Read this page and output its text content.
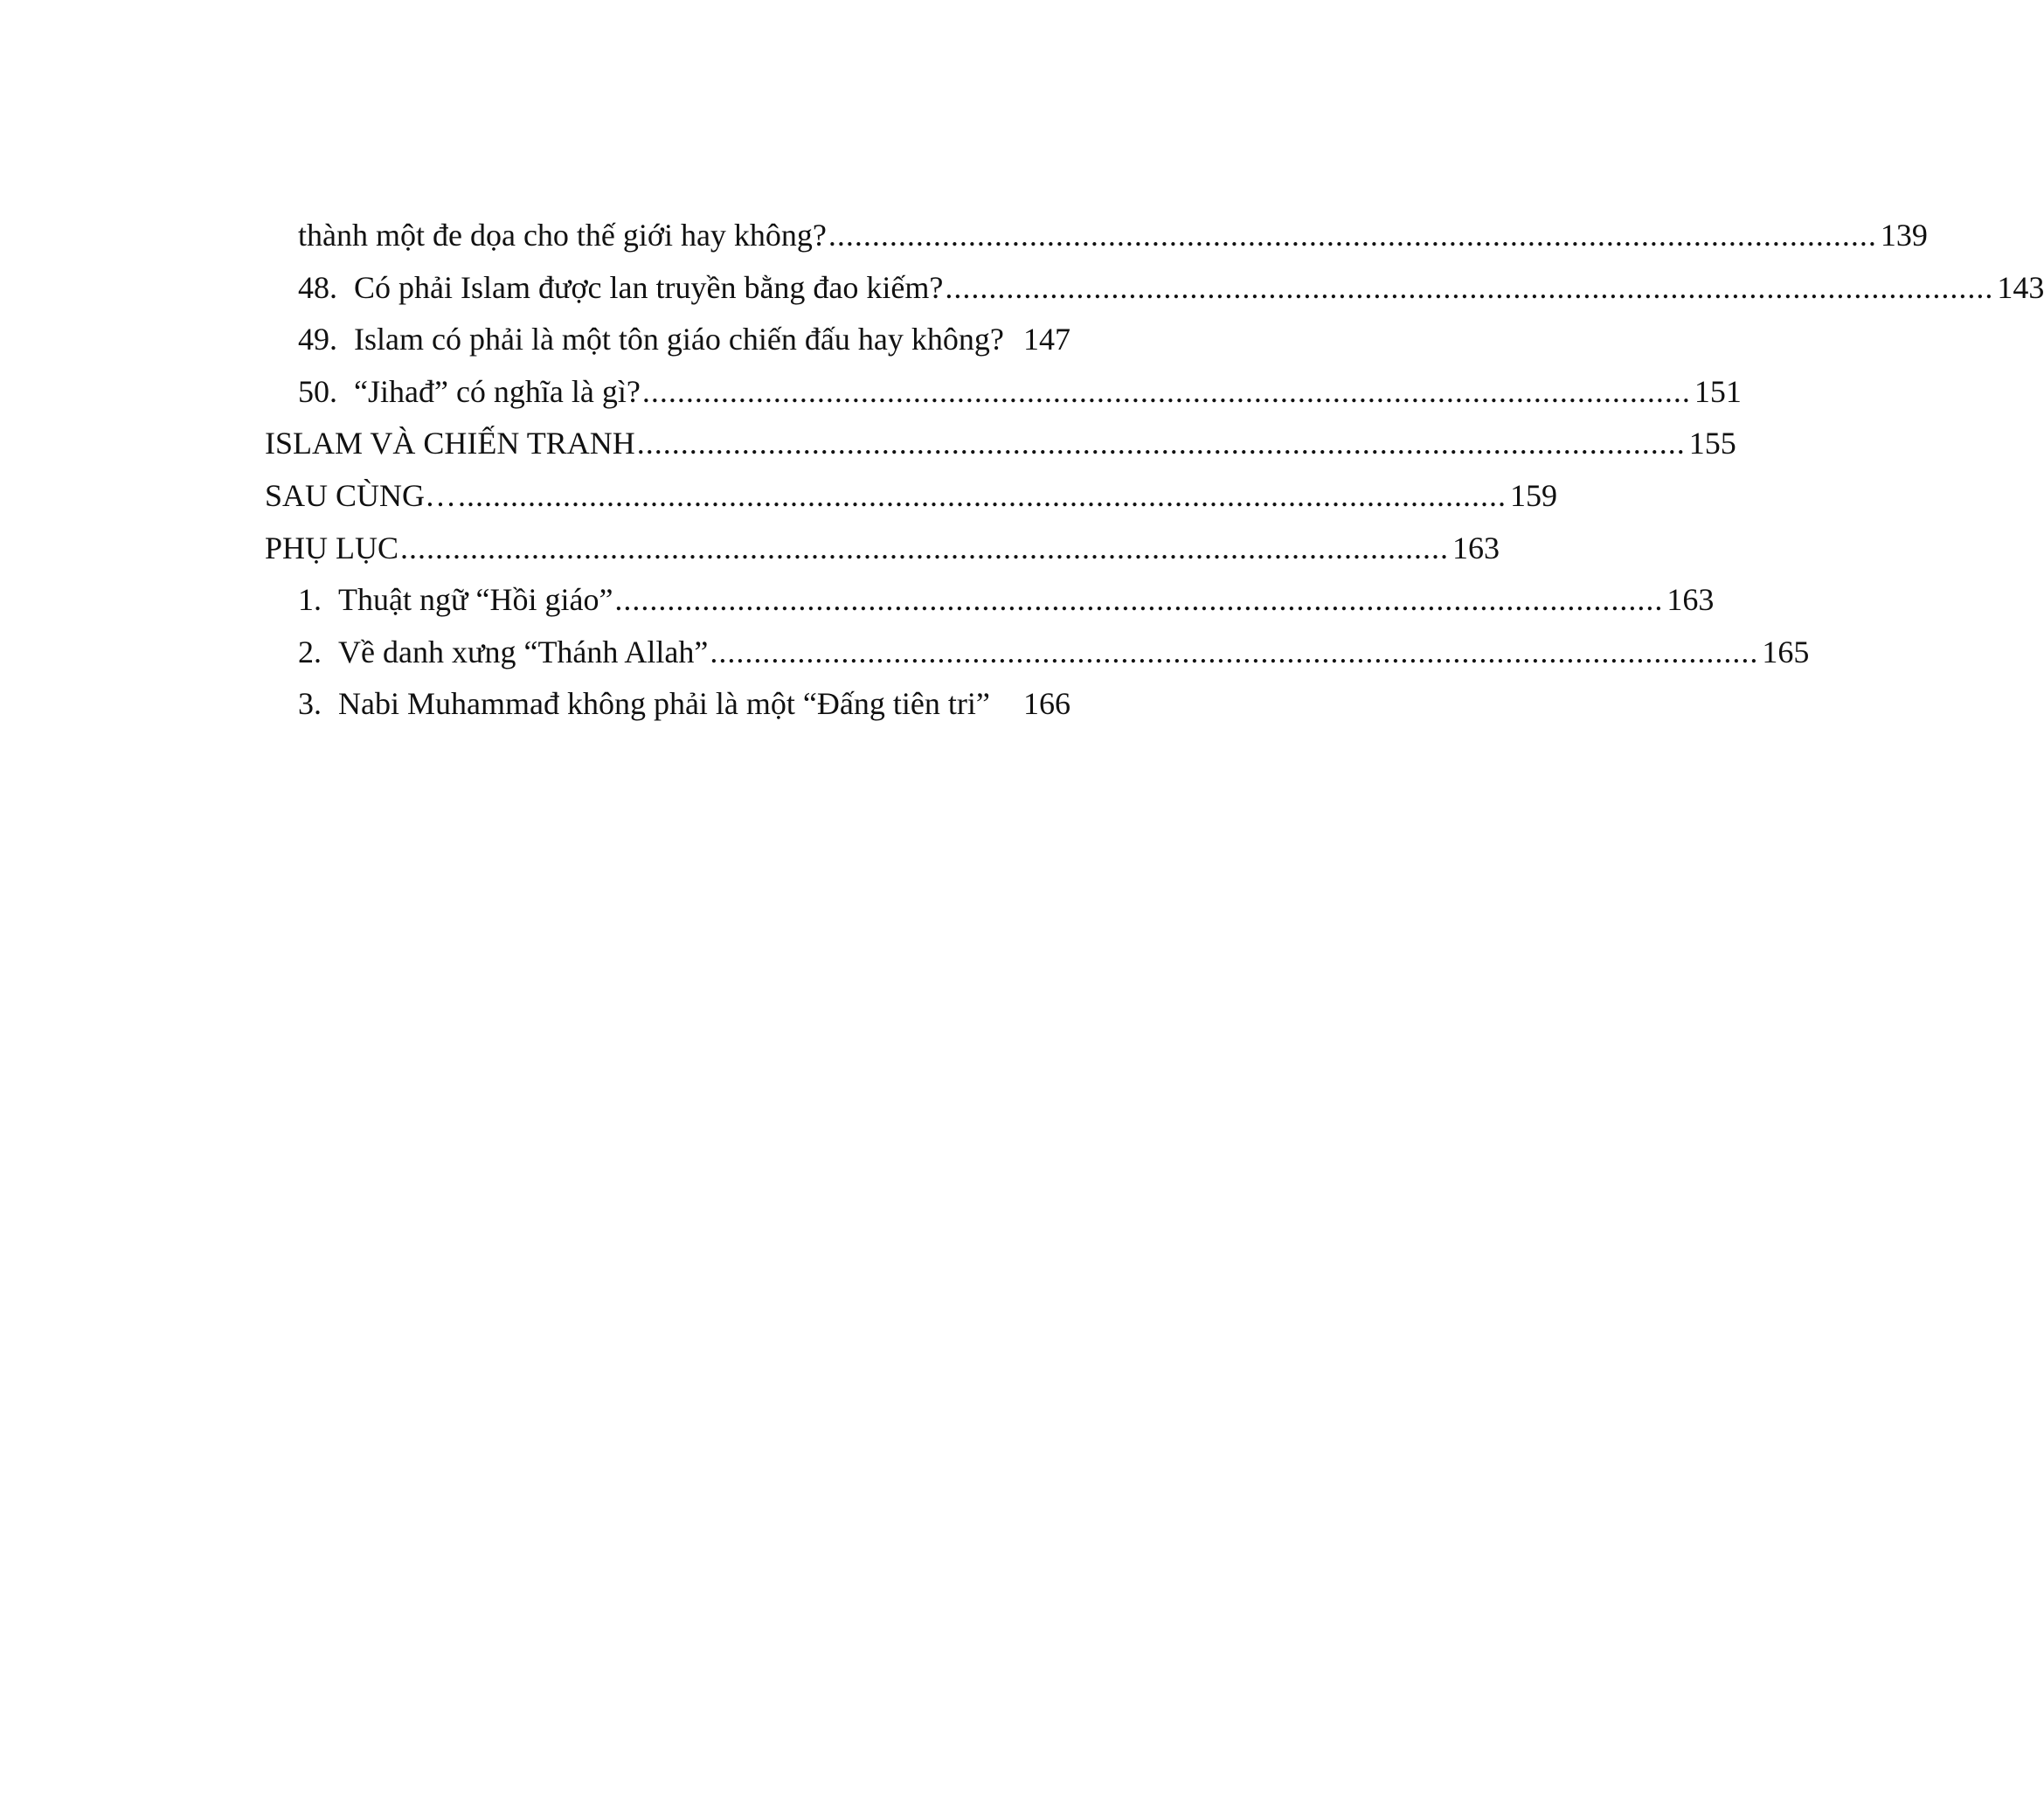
thành một đe dọa cho thế giới hay không? ........................................................................................................................ 139
48. Có phải Islam được lan truyền bằng đao kiếm? ........................................................................................................................ 143
49. Islam có phải là một tôn giáo chiến đấu hay không? 147
50. “Jihađ” có nghĩa là gì? ........................................................................................................................ 151
ISLAM VÀ CHIẾN TRANH ........................................................................................................................ 155
SAU CÙNG… ........................................................................................................................ 159
PHỤ LỤC ........................................................................................................................ 163
1. Thuật ngữ “Hồi giáo” ........................................................................................................................ 163
2. Về danh xưng “Thánh Allah” ........................................................................................................................ 165
3. Nabi Muhammađ không phải là một “Đấng tiên tri” 166
